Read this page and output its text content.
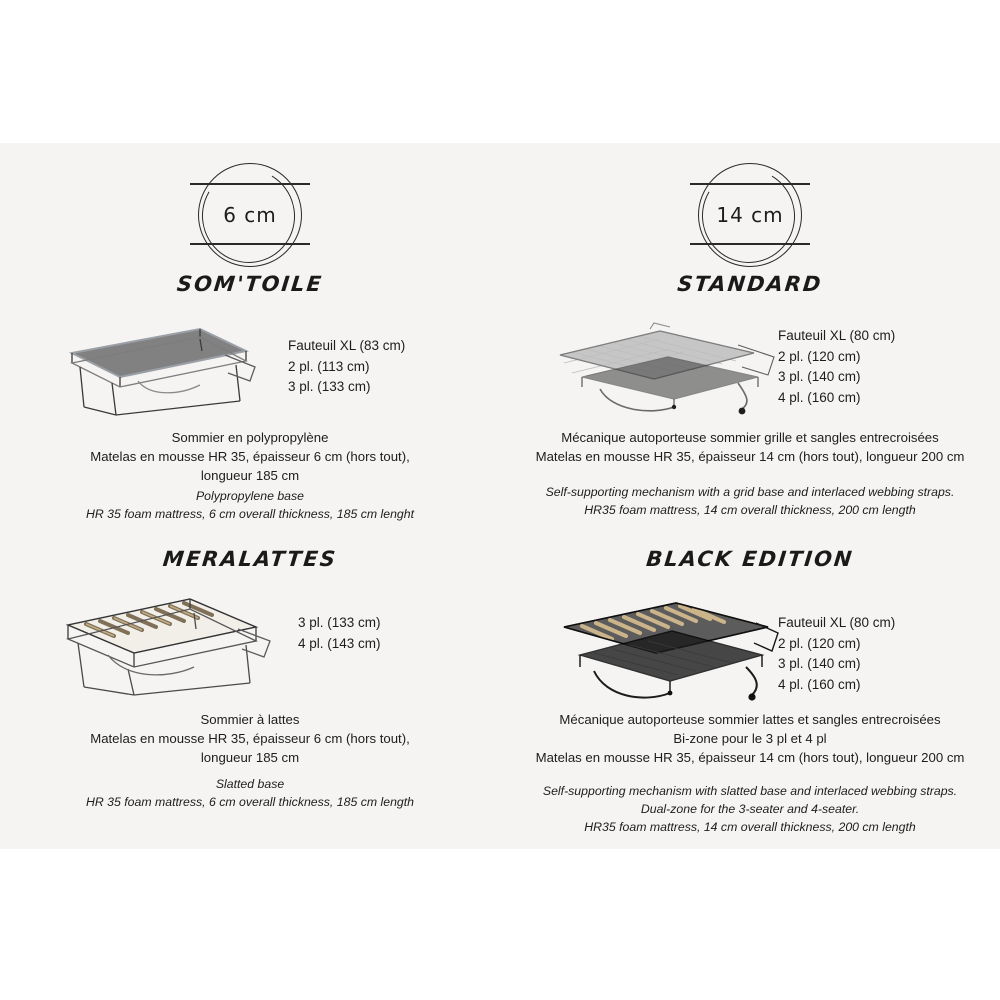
6 cm
SOM'TOILE
Fauteuil XL (83 cm)
2 pl. (113 cm)
3 pl. (133 cm)
Sommier en polypropylène
Matelas en mousse HR 35, épaisseur 6 cm (hors tout),
longueur 185 cm
Polypropylene base
HR 35 foam mattress, 6 cm overall thickness, 185 cm lenght
14 cm
STANDARD
Fauteuil XL (80 cm)
2 pl. (120 cm)
3 pl. (140 cm)
4 pl. (160 cm)
Mécanique autoporteuse sommier grille et sangles entrecroisées
Matelas en mousse HR 35, épaisseur 14 cm (hors tout), longueur 200 cm
Self-supporting mechanism with a grid base and interlaced webbing straps.
HR35 foam mattress, 14 cm overall thickness, 200 cm length
MERALATTES
3 pl. (133 cm)
4 pl. (143 cm)
Sommier à lattes
Matelas en mousse HR 35, épaisseur 6 cm (hors tout),
longueur 185 cm
Slatted base
HR 35 foam mattress, 6 cm overall thickness, 185 cm length
BLACK EDITION
Fauteuil XL (80 cm)
2 pl. (120 cm)
3 pl. (140 cm)
4 pl. (160 cm)
Mécanique autoporteuse sommier lattes et sangles entrecroisées
Bi-zone pour le 3 pl et 4 pl
Matelas en mousse HR 35, épaisseur 14 cm (hors tout), longueur 200 cm
Self-supporting mechanism with slatted base and interlaced webbing straps.
Dual-zone for the 3-seater and 4-seater.
HR35 foam mattress, 14 cm overall thickness, 200 cm length
